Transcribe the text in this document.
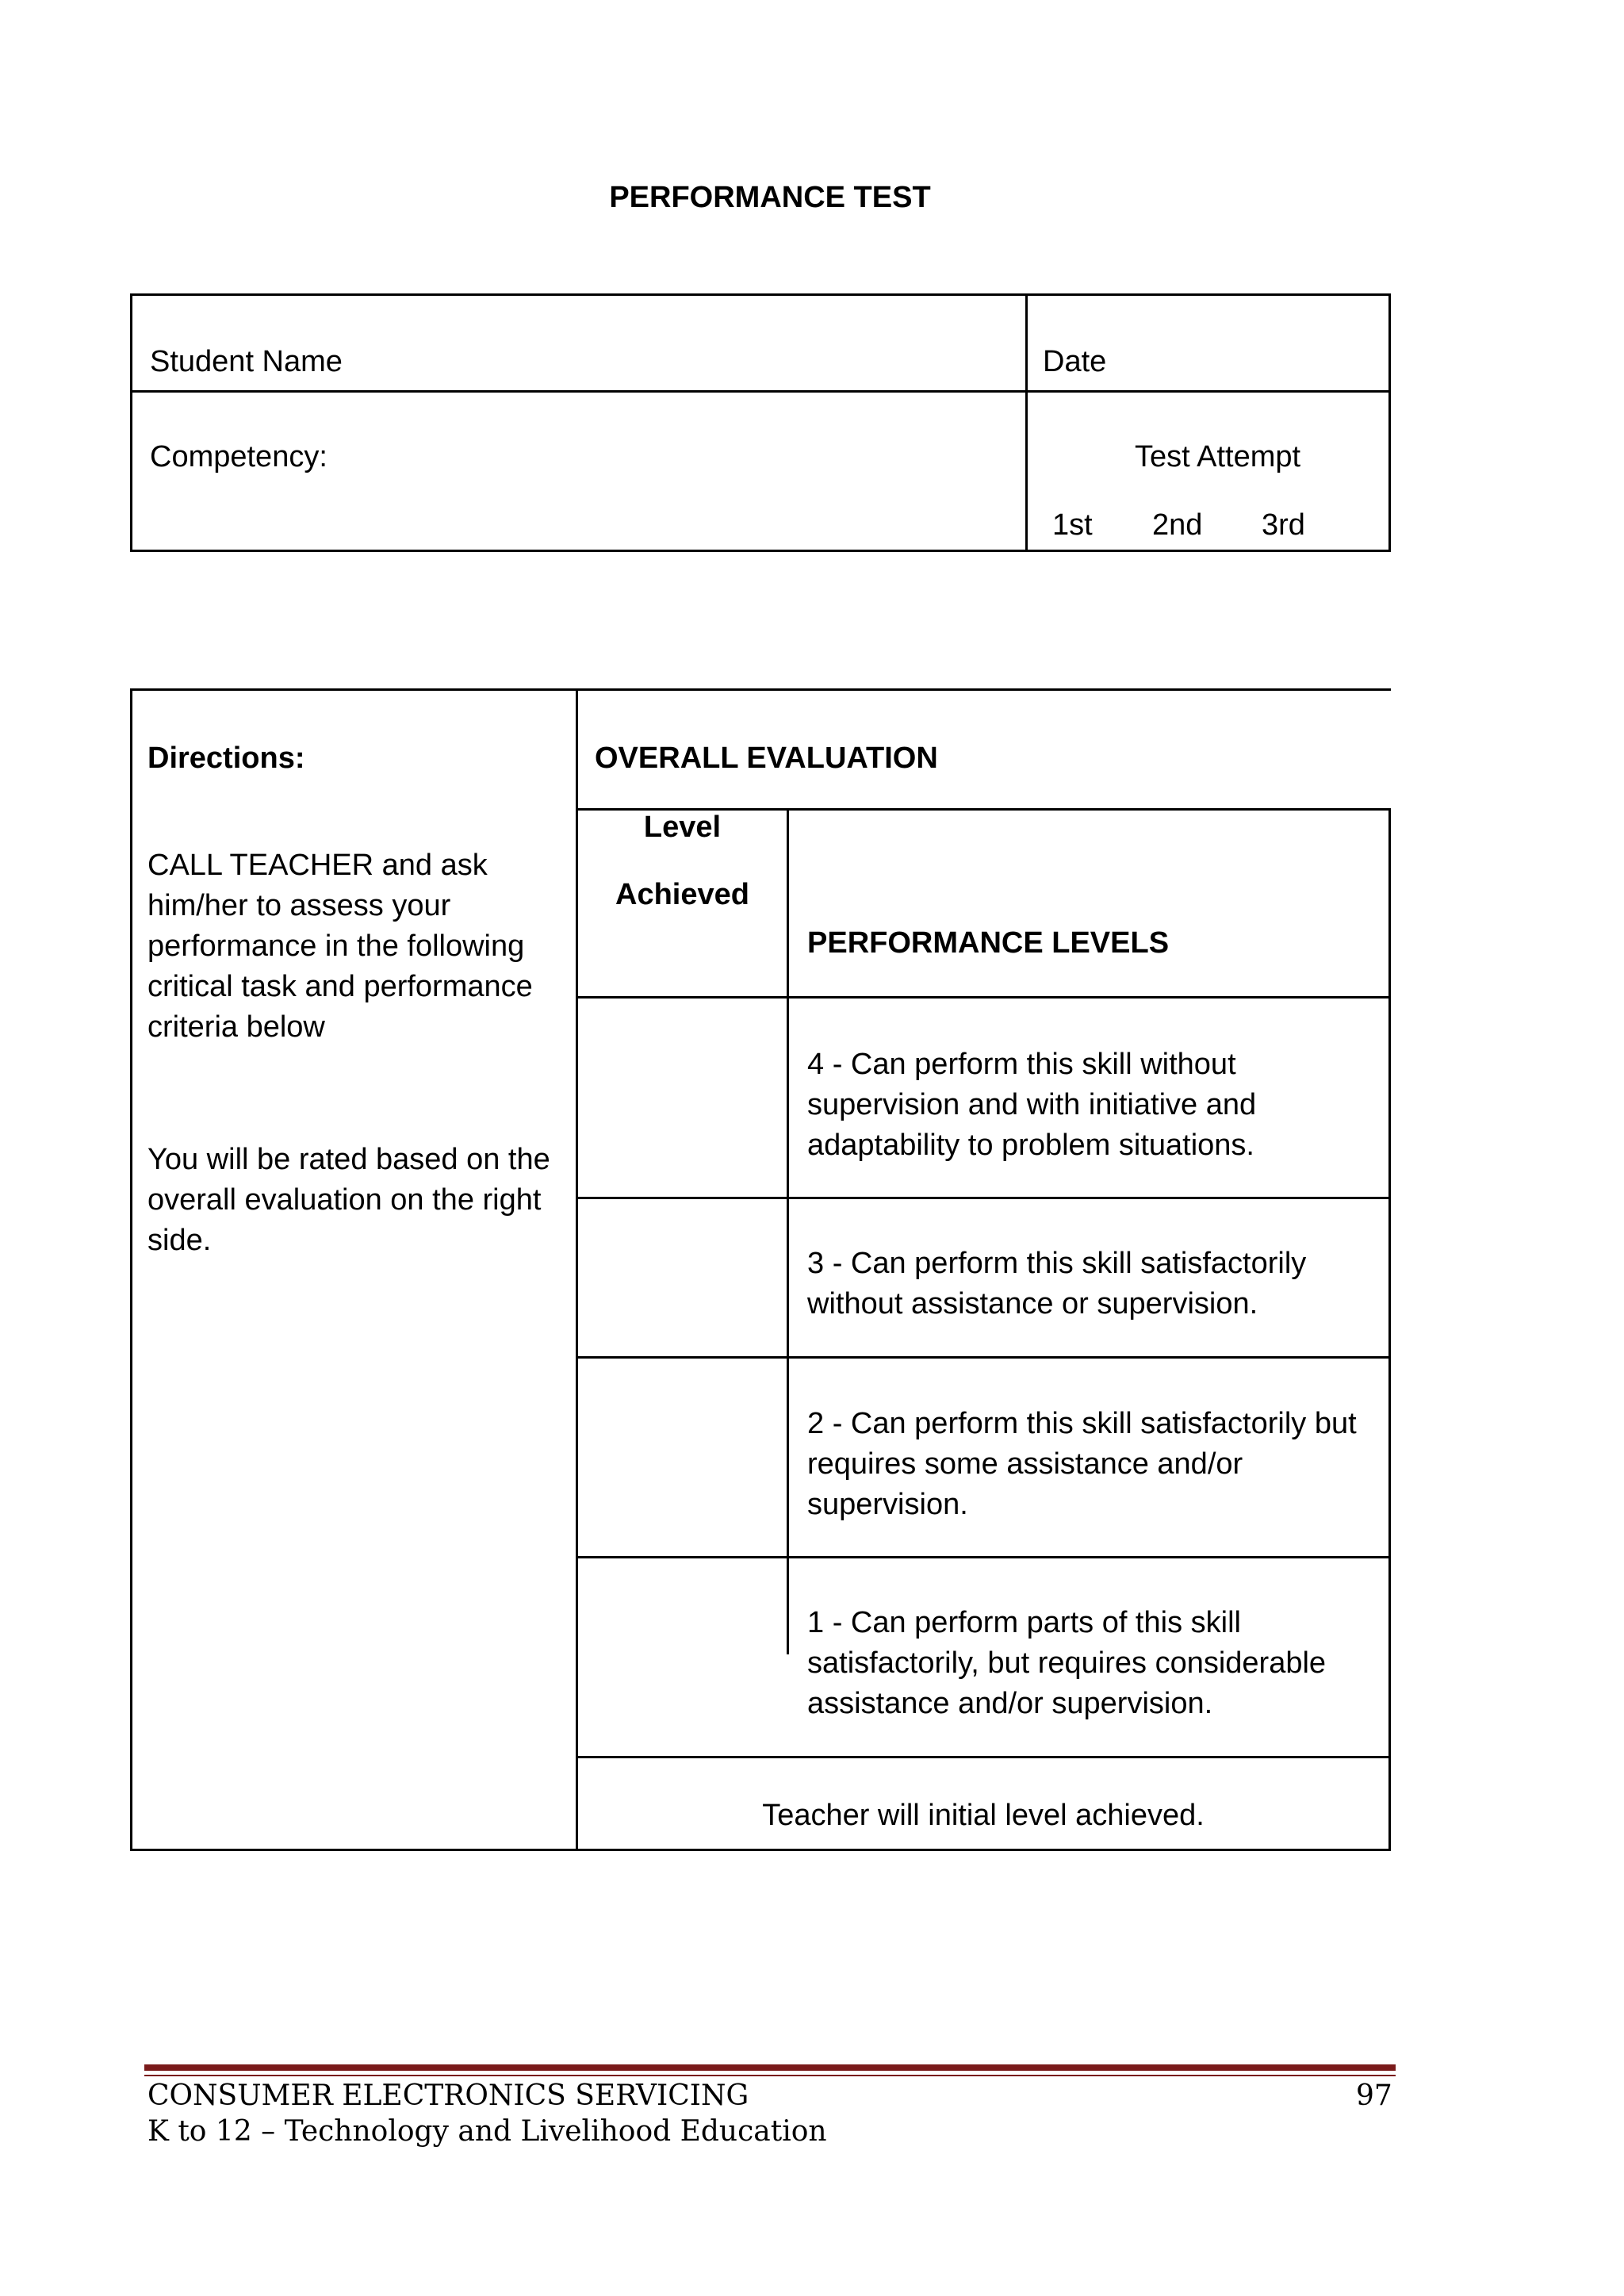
PERFORMANCE TEST
Student Name	Date
Competency:	Test Attempt
1st 2nd 3rd
Directions:
CALL TEACHER and ask him/her to assess your performance in the following critical task and performance criteria below
You will be rated based on the overall evaluation on the right side.
OVERALL EVALUATION
Level
Achieved
PERFORMANCE LEVELS
4 - Can perform this skill without supervision and with initiative and adaptability to problem situations.
3 - Can perform this skill satisfactorily without assistance or supervision.
2 - Can perform this skill satisfactorily but requires some assistance and/or supervision.
1 - Can perform parts of this skill satisfactorily, but requires considerable assistance and/or supervision.
Teacher will initial level achieved.
CONSUMER ELECTRONICS SERVICING	97
K to 12 – Technology and Livelihood Education
